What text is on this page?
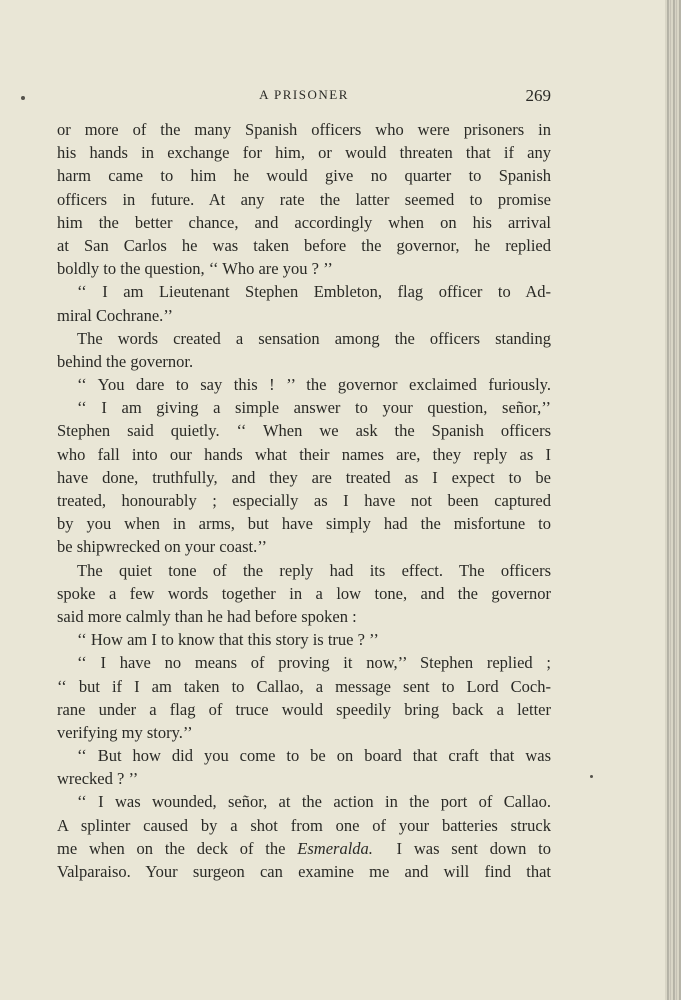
A PRISONER	269
or more of the many Spanish officers who were prisoners in
his hands in exchange for him, or would threaten that if any
harm came to him he would give no quarter to Spanish
officers in future. At any rate the latter seemed to promise
him the better chance, and accordingly when on his arrival
at San Carlos he was taken before the governor, he replied
boldly to the question, ‘‘ Who are you ? ’’
‘‘ I am Lieutenant Stephen Embleton, flag officer to Ad-
miral Cochrane.’’
The words created a sensation among the officers standing
behind the governor.
‘‘ You dare to say this ! ’’ the governor exclaimed furiously.
‘‘ I am giving a simple answer to your question, señor,’’
Stephen said quietly. ‘‘ When we ask the Spanish officers
who fall into our hands what their names are, they reply as I
have done, truthfully, and they are treated as I expect to be
treated, honourably ; especially as I have not been captured
by you when in arms, but have simply had the misfortune to
be shipwrecked on your coast.’’
The quiet tone of the reply had its effect. The officers
spoke a few words together in a low tone, and the governor
said more calmly than he had before spoken :
‘‘ How am I to know that this story is true ? ’’
‘‘ I have no means of proving it now,’’ Stephen replied ;
‘‘ but if I am taken to Callao, a message sent to Lord Coch-
rane under a flag of truce would speedily bring back a letter
verifying my story.’’
‘‘ But how did you come to be on board that craft that was
wrecked ? ’’
‘‘ I was wounded, señor, at the action in the port of Callao.
A splinter caused by a shot from one of your batteries struck
me when on the deck of the Esmeralda.  I was sent down to
Valparaiso. Your surgeon can examine me and will find that
